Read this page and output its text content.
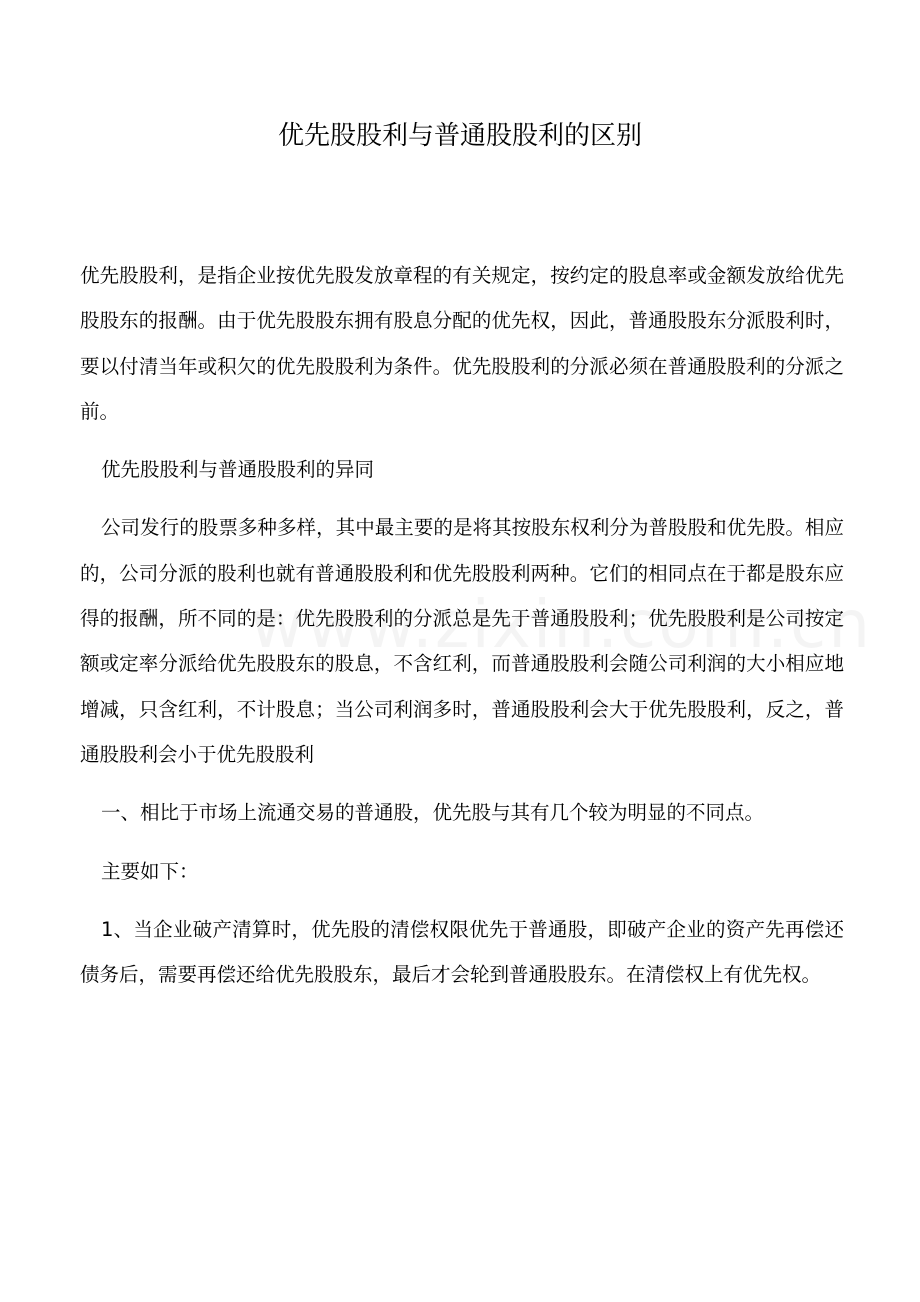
优先股股利与普通股股利的区别

优先股股利，是指企业按优先股发放章程的有关规定，按约定的股息率或金额发放给优先股股东的报酬。由于优先股股东拥有股息分配的优先权，因此，普通股股东分派股利时，要以付清当年或积欠的优先股股利为条件。优先股股利的分派必须在普通股股利的分派之前。

优先股股利与普通股股利的异同

公司发行的股票多种多样，其中最主要的是将其按股东权利分为普股股和优先股。相应的，公司分派的股利也就有普通股股利和优先股股利两种。它们的相同点在于都是股东应得的报酬，所不同的是：优先股股利的分派总是先于普通股股利；优先股股利是公司按定额或定率分派给优先股股东的股息，不含红利，而普通股股利会随公司利润的大小相应地增减，只含红利，不计股息；当公司利润多时，普通股股利会大于优先股股利，反之，普通股股利会小于优先股股利

一、相比于市场上流通交易的普通股，优先股与其有几个较为明显的不同点。

主要如下：

1、当企业破产清算时，优先股的清偿权限优先于普通股，即破产企业的资产先再偿还债务后，需要再偿还给优先股股东，最后才会轮到普通股股东。在清偿权上有优先权。
